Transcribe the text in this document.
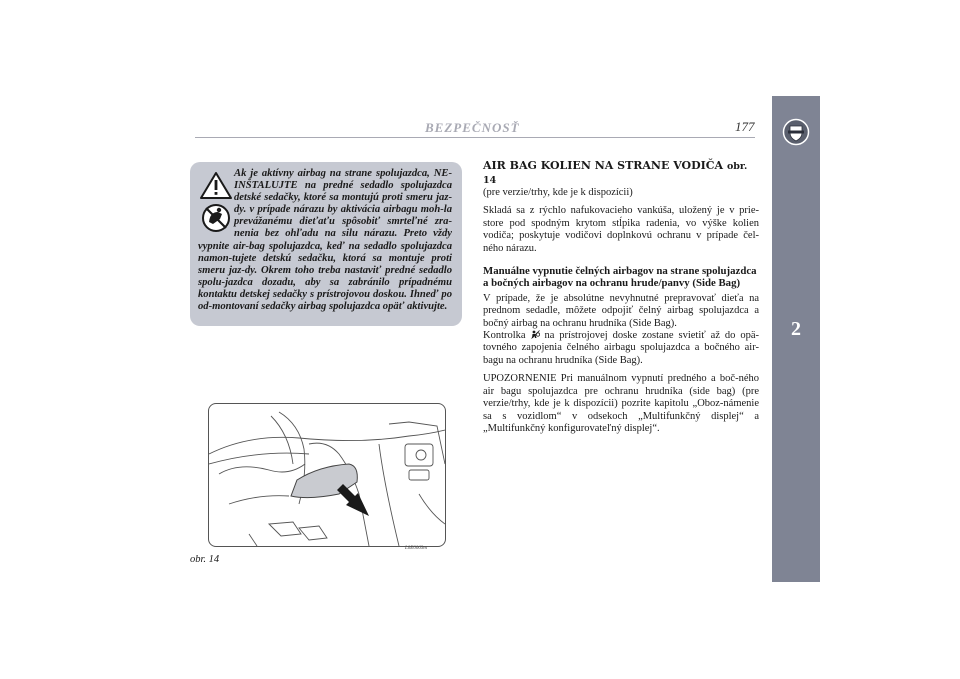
BEZPEČNOSŤ	177
2

Ak je aktívny airbag na strane spolujazdca, NE-INŠTALUJTE na predné sedadlo spolujazdca detské sedačky, ktoré sa montujú proti smeru jaz-dy. v prípade nárazu by aktivácia airbagu moh-la prevážanému dieťaťu spôsobiť smrteľné zra-nenia bez ohľadu na silu nárazu. Preto vždy vypnite air-bag spolujazdca, keď na sedadlo spolujazdca namon-tujete detskú sedačku, ktorá sa montuje proti smeru jaz-dy. Okrem toho treba nastaviť predné sedadlo spolu-jazdca dozadu, aby sa zabránilo prípadnému kontaktu detskej sedačky s prístrojovou doskou. Ihneď po od-montovaní sedačky airbag spolujazdca opäť aktivujte.

obr. 14
L0E0069m

AIR BAG KOLIEN NA STRANE VODIČA obr. 14

(pre verzie/trhy, kde je k dispozícii)

Skladá sa z rýchlo nafukovacieho vankúša, uložený je v prie-store pod spodným krytom stĺpika radenia, vo výške kolien vodiča; poskytuje vodičovi doplnkovú ochranu v prípade čel-ného nárazu.

Manuálne vypnutie čelných airbagov na strane spolujazdca a bočných airbagov na ochranu hrude/panvy (Side Bag)

V prípade, že je absolútne nevyhnutné prepravovať dieťa na prednom sedadle, môžete odpojiť čelný airbag spolujazdca a bočný airbag na ochranu hrudníka (Side Bag).

Kontrolka na prístrojovej doske zostane svietiť až do opä-tovného zapojenia čelného airbagu spolujazdca a bočného air-bagu na ochranu hrudníka (Side Bag).

UPOZORNENIE Pri manuálnom vypnutí predného a boč-ného air bagu spolujazdca pre ochranu hrudníka (side bag) (pre verzie/trhy, kde je k dispozícii) pozrite kapitolu „Oboz-námenie sa s vozidlom“ v odsekoch „Multifunkčný displej“ a „Multifunkčný konfigurovateľný displej“.
